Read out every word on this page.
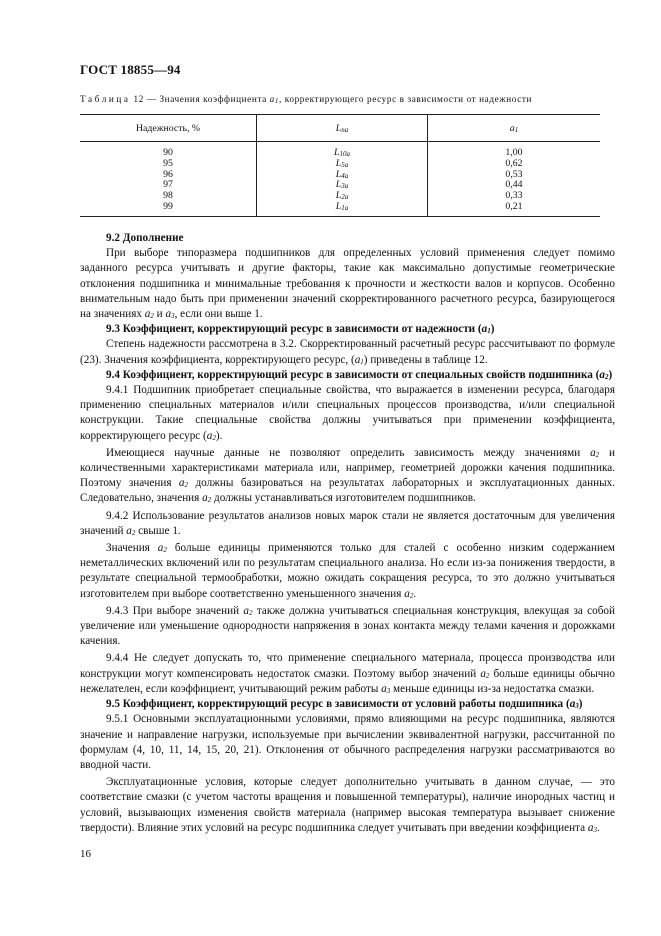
ГОСТ 18855—94
Таблица 12 — Значения коэффициента $a_1$, корректирующего ресурс в зависимости от надежности
Надежность, %	$L_{na}$	$a_1$
90	$L_{10a}$	1,00
95	$L_{5a}$	0,62
96	$L_{4a}$	0,53
97	$L_{3a}$	0,44
98	$L_{2a}$	0,33
99	$L_{1a}$	0,21

9.2 Дополнение

При выборе типоразмера подшипников для определенных условий применения следует помимо заданного ресурса учитывать и другие факторы, такие как максимально допустимые геометрические отклонения подшипника и минимальные требования к прочности и жесткости валов и корпусов. Особенно внимательным надо быть при применении значений скорректированного расчетного ресурса, базирующегося на значениях $a_2$ и $a_3$, если они выше 1.

9.3 Коэффициент, корректирующий ресурс в зависимости от надежности $(a_1)$

Степень надежности рассмотрена в 3.2. Скорректированный расчетный ресурс рассчитывают по формуле (23). Значения коэффициента, корректирующего ресурс, $(a_1)$ приведены в таблице 12.

9.4 Коэффициент, корректирующий ресурс в зависимости от специальных свойств подшипника $(a_2)$

9.4.1 Подшипник приобретает специальные свойства, что выражается в изменении ресурса, благодаря применению специальных материалов и/или специальных процессов производства, и/или специальной конструкции. Такие специальные свойства должны учитываться при применении коэффициента, корректирующего ресурс $(a_2)$.

Имеющиеся научные данные не позволяют определить зависимость между значениями $a_2$ и количественными характеристиками материала или, например, геометрией дорожки качения подшипника. Поэтому значения $a_2$ должны базироваться на результатах лабораторных и эксплуатационных данных. Следовательно, значения $a_2$ должны устанавливаться изготовителем подшипников.

9.4.2 Использование результатов анализов новых марок стали не является достаточным для увеличения значений $a_2$ свыше 1.

Значения $a_2$ больше единицы применяются только для сталей с особенно низким содержанием неметаллических включений или по результатам специального анализа. Но если из-за понижения твердости, в результате специальной термообработки, можно ожидать сокращения ресурса, то это должно учитываться изготовителем при выборе соответственно уменьшенного значения $a_2$.

9.4.3 При выборе значений $a_2$ также должна учитываться специальная конструкция, влекущая за собой увеличение или уменьшение однородности напряжения в зонах контакта между телами качения и дорожками качения.

9.4.4 Не следует допускать то, что применение специального материала, процесса производства или конструкции могут компенсировать недостаток смазки. Поэтому выбор значений $a_2$ больше единицы обычно нежелателен, если коэффициент, учитывающий режим работы $a_3$ меньше единицы из-за недостатка смазки.

9.5 Коэффициент, корректирующий ресурс в зависимости от условий работы подшипника $(a_3)$

9.5.1 Основными эксплуатационными условиями, прямо влияющими на ресурс подшипника, являются значение и направление нагрузки, используемые при вычислении эквивалентной нагрузки, рассчитанной по формулам (4, 10, 11, 14, 15, 20, 21). Отклонения от обычного распределения нагрузки рассматриваются во вводной части.

Эксплуатационные условия, которые следует дополнительно учитывать в данном случае, — это соответствие смазки (с учетом частоты вращения и повышенной температуры), наличие инородных частиц и условий, вызывающих изменения свойств материала (например высокая температура вызывает снижение твердости). Влияние этих условий на ресурс подшипника следует учитывать при введении коэффициента $a_3$.

16
